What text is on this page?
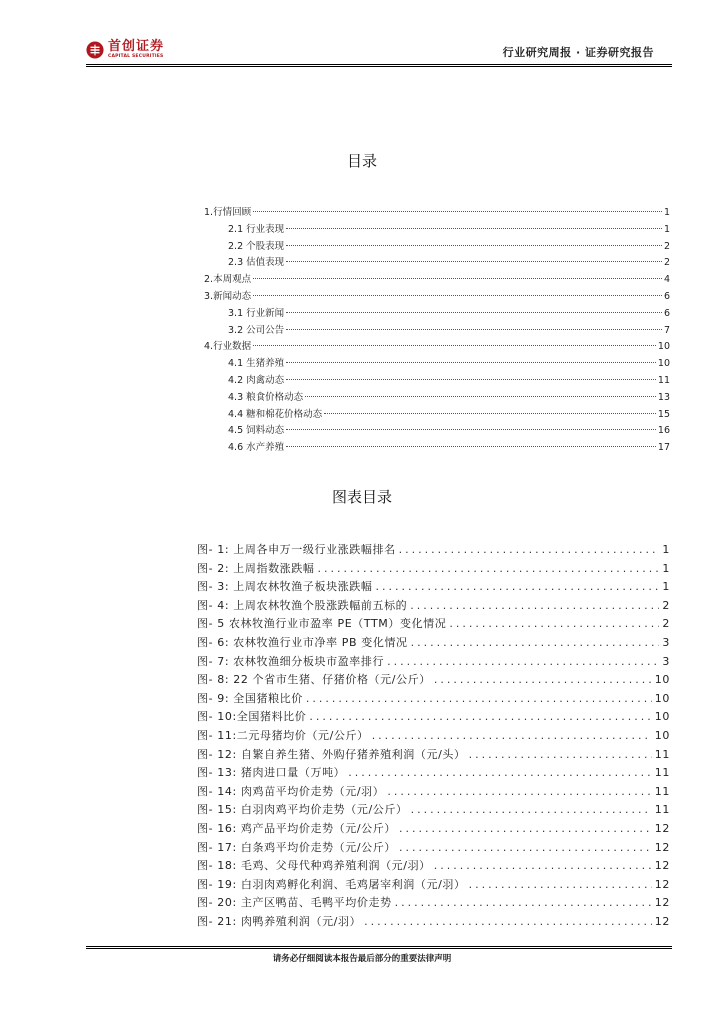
首创证券
CAPITAL SECURITIES	行业研究周报 · 证券研究报告
目录
1.行情回顾	1
2.1 行业表现	1
2.2 个股表现	2
2.3 估值表现	2
2.本周观点	4
3.新闻动态	6
3.1 行业新闻	6
3.2 公司公告	7
4.行业数据	10
4.1 生猪养殖	10
4.2 肉禽动态	11
4.3 粮食价格动态	13
4.4 糖和棉花价格动态	15
4.5 饲料动态	16
4.6 水产养殖	17
图表目录
图- 1: 上周各申万一级行业涨跌幅排名 .....	1
图- 2: 上周指数涨跌幅 .....	1
图- 3: 上周农林牧渔子板块涨跌幅 .....	1
图- 4: 上周农林牧渔个股涨跌幅前五标的 .....	2
图- 5 农林牧渔行业市盈率 PE（TTM）变化情况 .....	2
图- 6: 农林牧渔行业市净率 PB 变化情况 .....	3
图- 7: 农林牧渔细分板块市盈率排行 .....	3
图- 8: 22 个省市生猪、仔猪价格（元/公斤） .....	10
图- 9: 全国猪粮比价 .....	10
图- 10:全国猪料比价 .....	10
图- 11:二元母猪均价（元/公斤） .....	10
图- 12: 自繁自养生猪、外购仔猪养殖利润（元/头） .....	11
图- 13: 猪肉进口量（万吨） .....	11
图- 14: 肉鸡苗平均价走势（元/羽） .....	11
图- 15: 白羽肉鸡平均价走势（元/公斤） .....	11
图- 16: 鸡产品平均价走势（元/公斤） .....	12
图- 17: 白条鸡平均价走势（元/公斤） .....	12
图- 18: 毛鸡、父母代种鸡养殖利润（元/羽） .....	12
图- 19: 白羽肉鸡孵化利润、毛鸡屠宰利润（元/羽） .....	12
图- 20: 主产区鸭苗、毛鸭平均价走势 .....	12
图- 21: 肉鸭养殖利润（元/羽） .....	12
请务必仔细阅读本报告最后部分的重要法律声明
